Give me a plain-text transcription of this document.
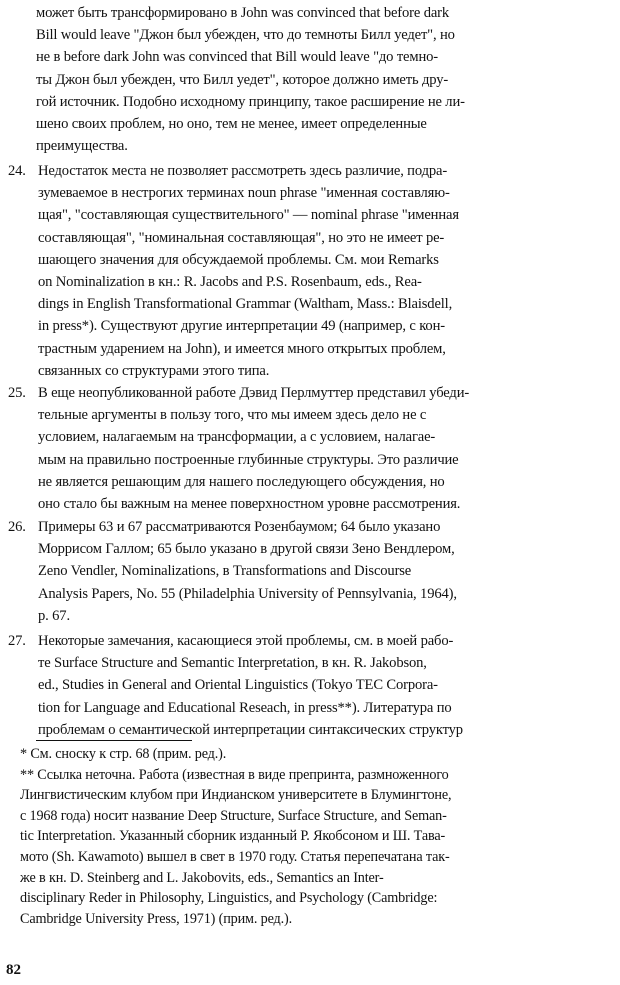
может быть трансформировано в John was convinced that before dark
Bill would leave "Джон был убежден, что до темноты Билл уедет", но
не в before dark John was convinced that Bill would leave "до темно-
ты Джон был убежден, что Билл уедет", которое должно иметь дру-
гой источник. Подобно исходному принципу, такое расширение не ли-
шено своих проблем, но оно, тем не менее, имеет определенные
преимущества.
24. Недостаток места не позволяет рассмотреть здесь различие, подра-
зумеваемое в нестрогих терминах noun phrase "именная составляю-
щая", "составляющая существительного" — nominal phrase "именная
составляющая", "номинальная составляющая", но это не имеет ре-
шающего значения для обсуждаемой проблемы. См. мои Remarks
on Nominalization в кн.: R. Jacobs and P.S. Rosenbaum, eds., Rea-
dings in English Transformational Grammar (Waltham, Mass.: Blaisdell,
in press*). Существуют другие интерпретации 49 (например, с кон-
трастным ударением на John), и имеется много открытых проблем,
связанных со структурами этого типа.
25. В еще неопубликованной работе Дэвид Перлмуттер представил убеди-
тельные аргументы в пользу того, что мы имеем здесь дело не с
условием, налагаемым на трансформации, а с условием, налагае-
мым на правильно построенные глубинные структуры. Это различие
не является решающим для нашего последующего обсуждения, но
оно стало бы важным на менее поверхностном уровне рассмотрения.
26. Примеры 63 и 67 рассматриваются Розенбаумом; 64 было указано
Моррисом Галлом; 65 было указано в другой связи Зено Вендлером,
Zeno Vendler, Nominalizations, в Transformations and Discourse
Analysis Papers, No. 55 (Philadelphia University of Pennsylvania, 1964),
р. 67.
27. Некоторые замечания, касающиеся этой проблемы, см. в моей рабо-
те Surface Structure and Semantic Interpretation, в кн. R. Jakobson,
ed., Studies in General and Oriental Linguistics (Tokyo TEC Corpora-
tion for Language and Educational Reseach, in press**). Литература по
проблемам о семантической интерпретации синтаксических структур
* См. сноску к стр. 68 (прим. ред.).
** Ссылка неточна. Работа (известная в виде препринта, размноженного
Лингвистическим клубом при Индианском университете в Блумингтоне,
с 1968 года) носит название Deep Structure, Surface Structure, and Seman-
tic Interpretation. Указанный сборник изданный Р. Якобсоном и Ш. Тава-
мото (Sh. Kawamoto) вышел в свет в 1970 году. Статья перепечатана так-
же в кн. D. Steinberg and L. Jakobovits, eds., Semantics an Inter-
disciplinary Reder in Philosophy, Linguistics, and Psychology (Cambridge:
Cambridge University Press, 1971) (прим. ред.).
82
